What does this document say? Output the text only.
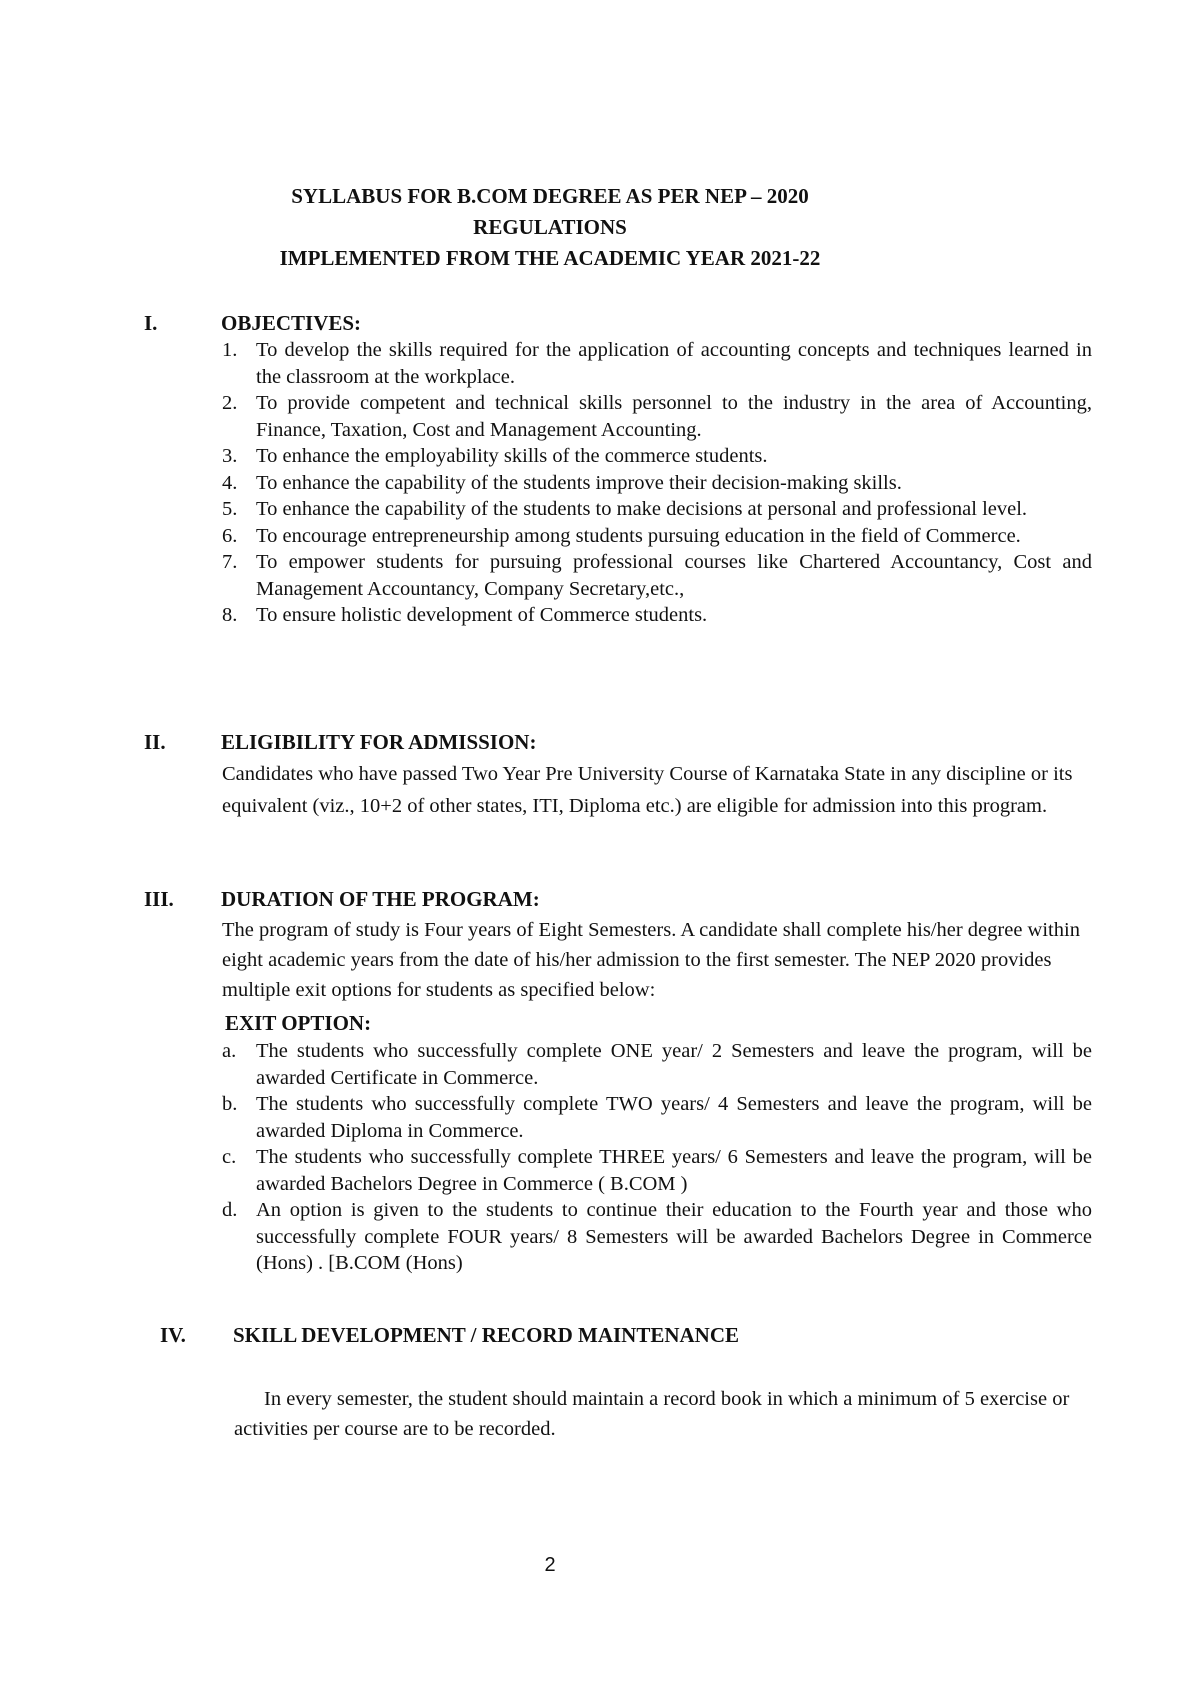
SYLLABUS FOR B.COM DEGREE AS PER NEP – 2020
REGULATIONS
IMPLEMENTED FROM THE ACADEMIC YEAR 2021-22
I.	OBJECTIVES:
1. To develop the skills required for the application of accounting concepts and techniques learned in the classroom at the workplace.
2. To provide competent and technical skills personnel to the industry in the area of Accounting, Finance, Taxation, Cost and Management Accounting.
3. To enhance the employability skills of the commerce students.
4. To enhance the capability of the students improve their decision-making skills.
5. To enhance the capability of the students to make decisions at personal and professional level.
6. To encourage entrepreneurship among students pursuing education in the field of Commerce.
7. To empower students for pursuing professional courses like Chartered Accountancy, Cost and Management Accountancy, Company Secretary,etc.,
8. To ensure holistic development of Commerce students.
II.	ELIGIBILITY FOR ADMISSION:

Candidates who have passed Two Year Pre University Course of Karnataka State in any discipline or its equivalent (viz., 10+2 of other states, ITI, Diploma etc.) are eligible for admission into this program.

III. DURATION OF THE PROGRAM:

The program of study is Four years of Eight Semesters. A candidate shall complete his/her degree within eight academic years from the date of his/her admission to the first semester. The NEP 2020 provides multiple exit options for students as specified below:

EXIT OPTION:
a. The students who successfully complete ONE year/ 2 Semesters and leave the program, will be awarded Certificate in Commerce.
b. The students who successfully complete TWO years/ 4 Semesters and leave the program, will be awarded Diploma in Commerce.
c. The students who successfully complete THREE years/ 6 Semesters and leave the program, will be awarded Bachelors Degree in Commerce ( B.COM )
d. An option is given to the students to continue their education to the Fourth year and those who successfully complete FOUR years/ 8 Semesters will be awarded Bachelors Degree in Commerce (Hons) . [B.COM (Hons)
IV. SKILL DEVELOPMENT / RECORD MAINTENANCE

In every semester, the student should maintain a record book in which a minimum of 5 exercise or activities per course are to be recorded.

2
